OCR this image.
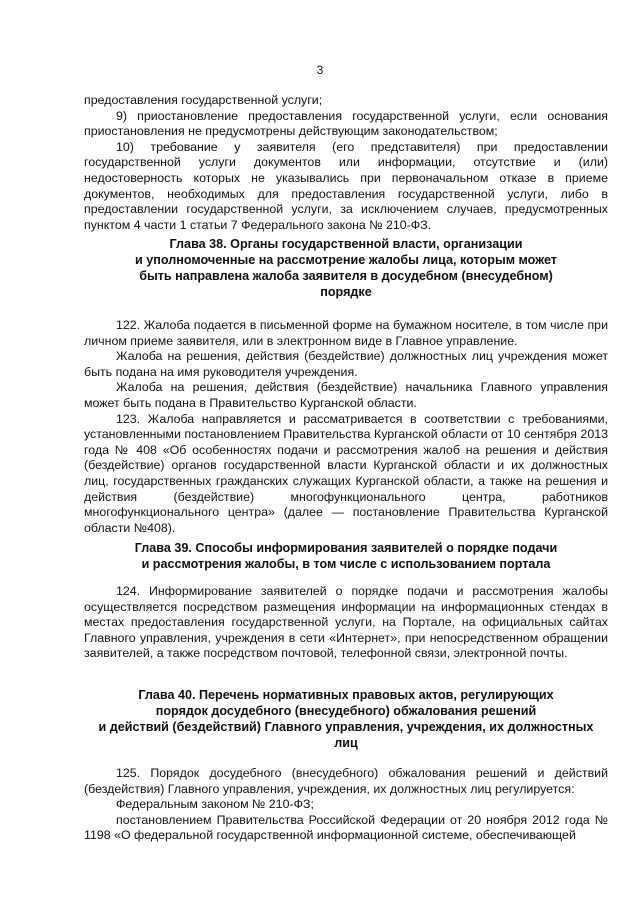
3

предоставления государственной услуги;

9) приостановление предоставления государственной услуги, если основания приостановления не предусмотрены действующим законодательством;

10) требование у заявителя (его представителя) при предоставлении государственной услуги документов или информации, отсутствие и (или) недостоверность которых не указывались при первоначальном отказе в приеме документов, необходимых для предоставления государственной услуги, либо в предоставлении государственной услуги, за исключением случаев, предусмотренных пунктом 4 части 1 статьи 7 Федерального закона № 210-ФЗ.

Глава 38. Органы государственной власти, организации
и уполномоченные на рассмотрение жалобы лица, которым может
быть направлена жалоба заявителя в досудебном (внесудебном)
порядке

122. Жалоба подается в письменной форме на бумажном носителе, в том числе при личном приеме заявителя, или в электронном виде в Главное управление.

Жалоба на решения, действия (бездействие) должностных лиц учреждения может быть подана на имя руководителя учреждения.

Жалоба на решения, действия (бездействие) начальника Главного управления может быть подана в Правительство Курганской области.

123. Жалоба направляется и рассматривается в соответствии с требованиями, установленными постановлением Правительства Курганской области от 10 сентября 2013 года № 408 «Об особенностях подачи и рассмотрения жалоб на решения и действия (бездействие) органов государственной власти Курганской области и их должностных лиц, государственных гражданских служащих Курганской области, а также на решения и действия (бездействие) многофункционального центра, работников многофункционального центра» (далее — постановление Правительства Курганской области №408).

Глава 39. Способы информирования заявителей о порядке подачи
и рассмотрения жалобы, в том числе с использованием портала

124. Информирование заявителей о порядке подачи и рассмотрения жалобы осуществляется посредством размещения информации на информационных стендах в местах предоставления государственной услуги, на Портале, на официальных сайтах Главного управления, учреждения в сети «Интернет», при непосредственном обращении заявителей, а также посредством почтовой, телефонной связи, электронной почты.

Глава 40. Перечень нормативных правовых актов, регулирующих
порядок досудебного (внесудебного) обжалования решений
и действий (бездействий) Главного управления, учреждения, их должностных
лиц

125. Порядок досудебного (внесудебного) обжалования решений и действий (бездействия) Главного управления, учреждения, их должностных лиц регулируется:

Федеральным законом № 210-ФЗ;

постановлением Правительства Российской Федерации от 20 ноября 2012 года № 1198 «О федеральной государственной информационной системе, обеспечивающей
